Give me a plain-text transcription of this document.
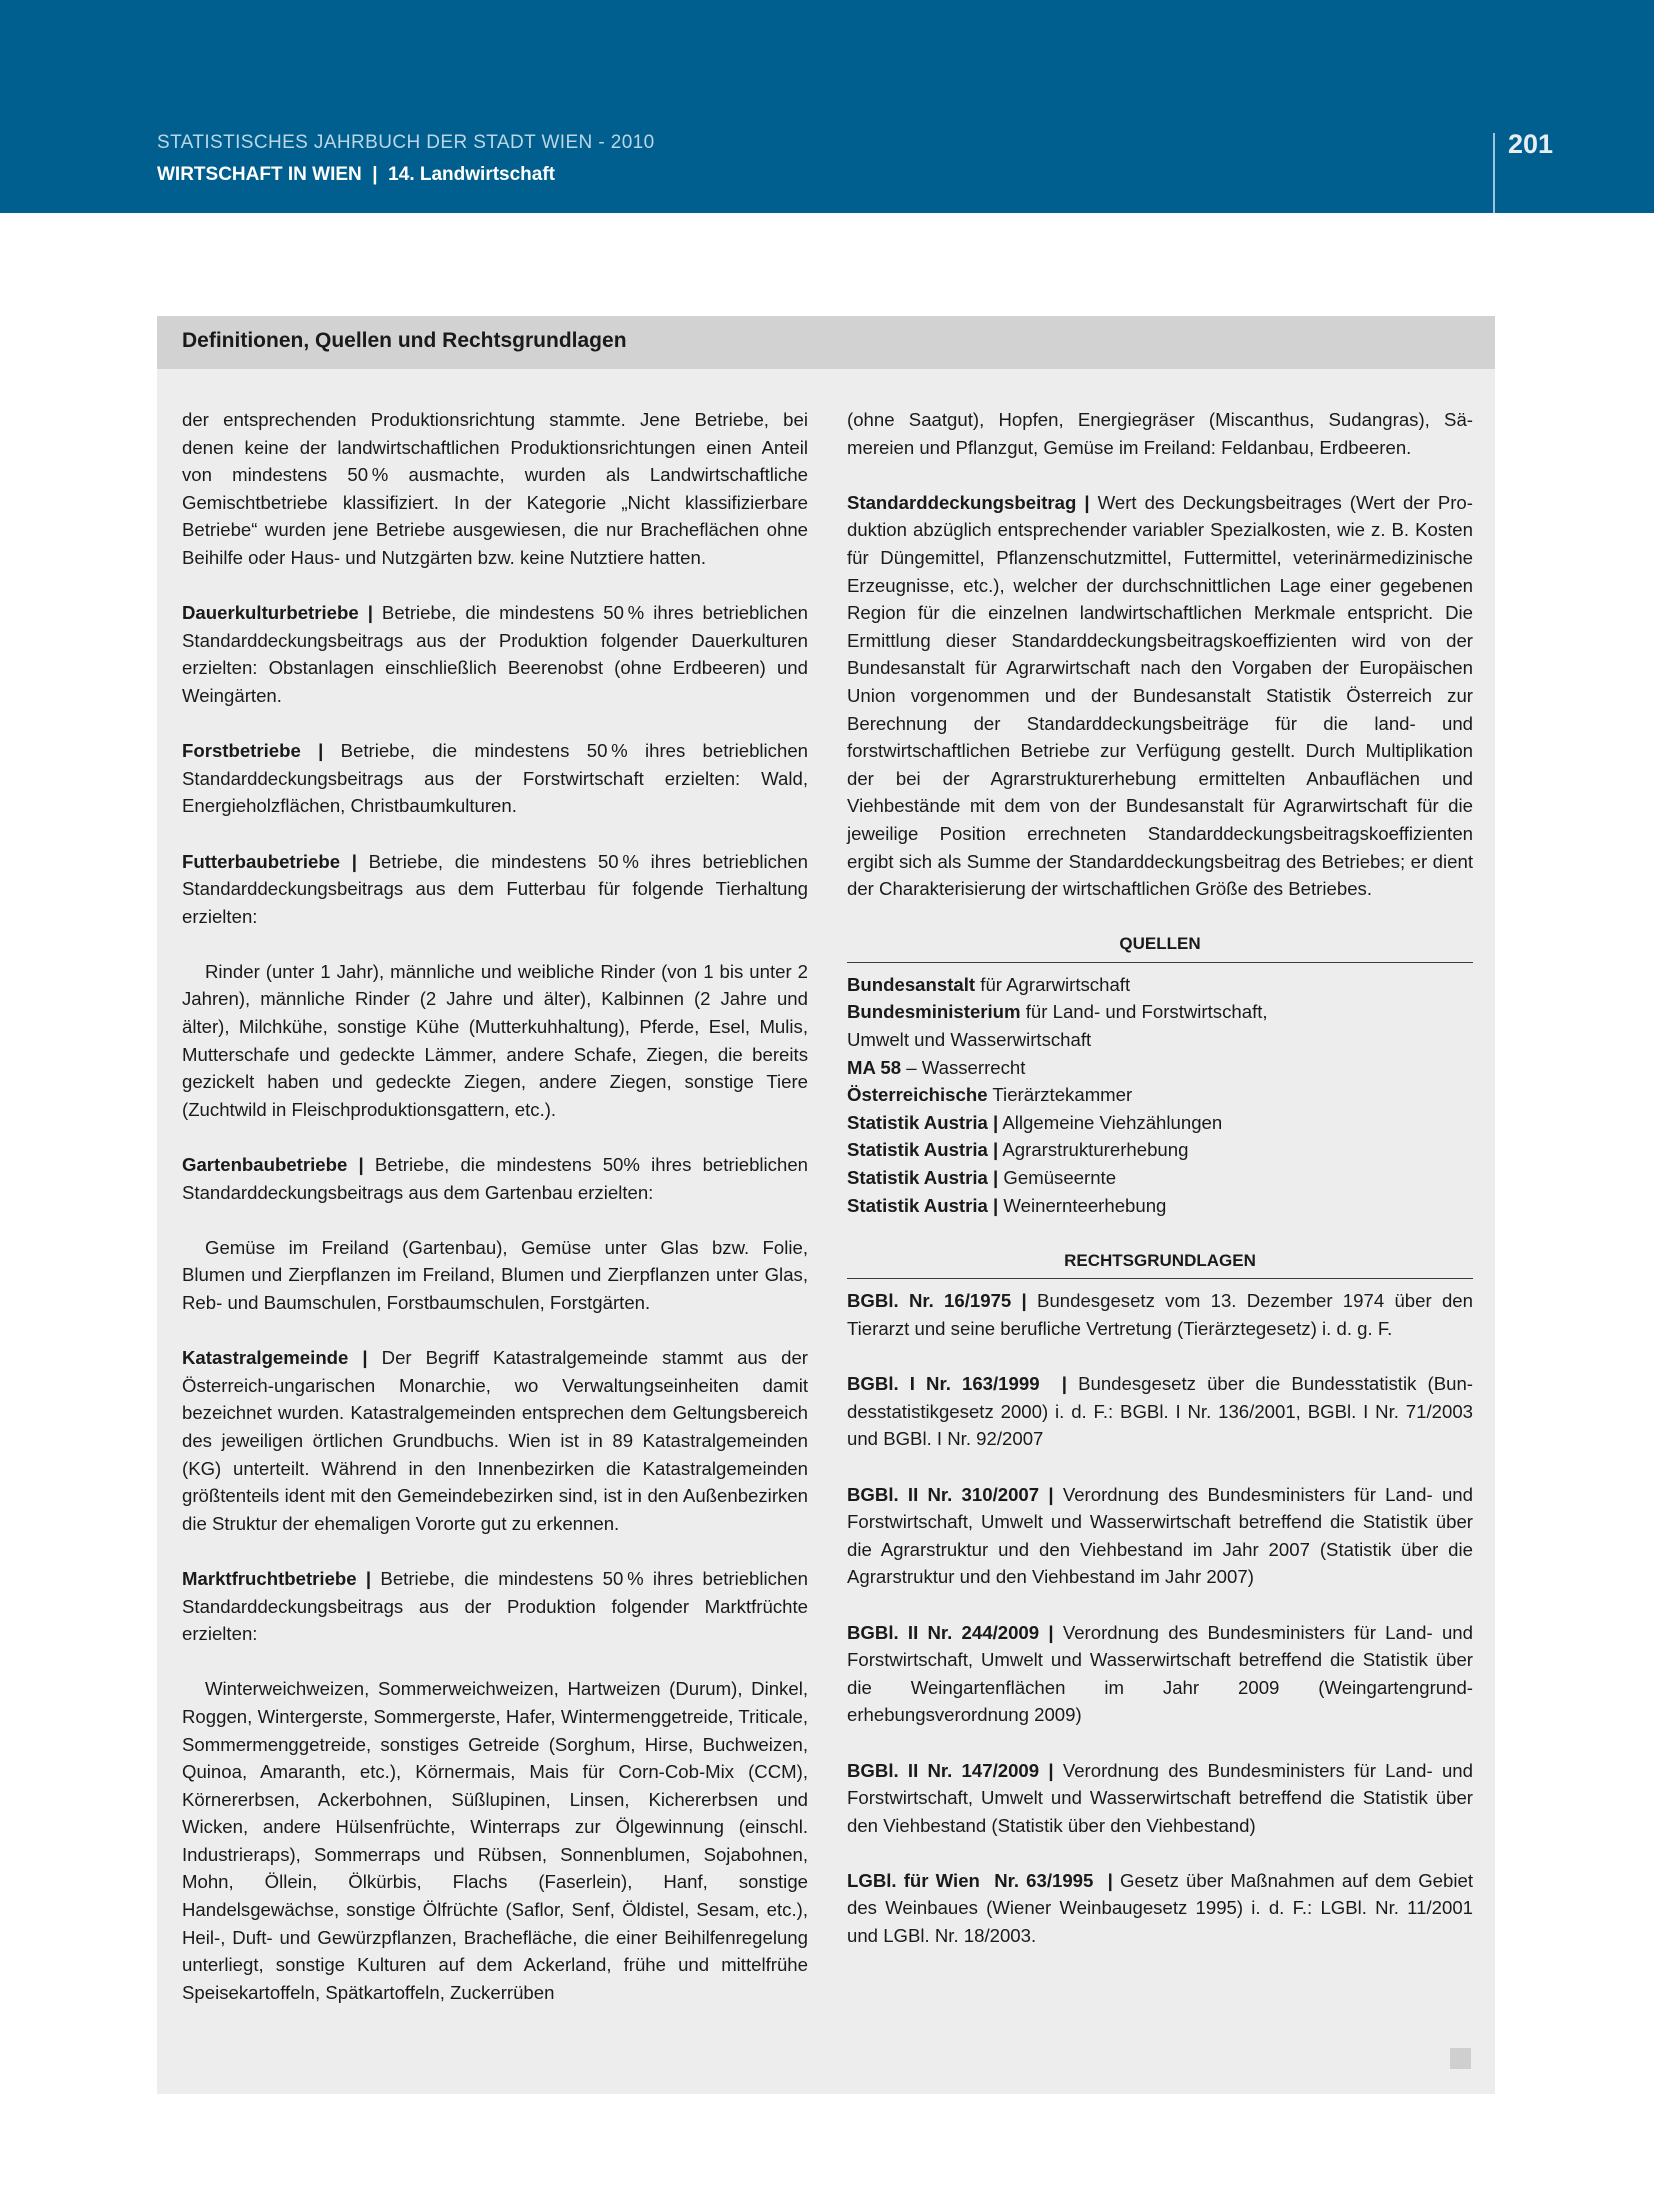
STATISTISCHES JAHRBUCH DER STADT WIEN - 2010
WIRTSCHAFT IN WIEN  |  14. Landwirtschaft
201
Definitionen, Quellen und Rechtsgrundlagen

der entsprechenden Produktionsrichtung stammte. Jene Betriebe, bei denen keine der landwirtschaftlichen Produktionsrichtungen einen Anteil von mindestens 50 % ausmachte, wurden als Landwirtschaftliche Gemischtbetriebe klassifiziert. In der Kategorie „Nicht klassifizierbare Betriebe“ wurden jene Betriebe ausgewiesen, die nur Bracheflächen ohne Beihilfe oder Haus- und Nutzgärten bzw. keine Nutztiere hatten.

Dauerkulturbetriebe | Betriebe, die mindestens 50 % ihres betrieblichen Standarddeckungsbeitrags aus der Produktion folgender Dauerkulturen erzielten: Obstanlagen einschließlich Beerenobst (ohne Erdbeeren) und Weingärten.

Forstbetriebe | Betriebe, die mindestens 50 % ihres betrieblichen Standarddeckungsbeitrags aus der Forstwirtschaft erzielten: Wald, Energieholzflächen, Christbaumkulturen.

Futterbaubetriebe | Betriebe, die mindestens 50 % ihres betrieblichen Standarddeckungsbeitrags aus dem Futterbau für folgende Tierhaltung erzielten:

Rinder (unter 1 Jahr), männliche und weibliche Rinder (von 1 bis unter 2 Jahren), männliche Rinder (2 Jahre und älter), Kalbinnen (2 Jahre und älter), Milchkühe, sonstige Kühe (Mutterkuhhaltung), Pferde, Esel, Mulis, Mutterschafe und gedeckte Lämmer, andere Schafe, Ziegen, die bereits gezickelt haben und gedeckte Ziegen, andere Ziegen, sonstige Tiere (Zuchtwild in Fleischproduktionsgattern, etc.).

Gartenbaubetriebe | Betriebe, die mindestens 50% ihres betrieblichen Standarddeckungsbeitrags aus dem Gartenbau erzielten:

Gemüse im Freiland (Gartenbau), Gemüse unter Glas bzw. Folie, Blumen und Zierpflanzen im Freiland, Blumen und Zierpflanzen unter Glas, Reb- und Baumschulen, Forstbaumschulen, Forstgärten.

Katastralgemeinde | Der Begriff Katastralgemeinde stammt aus der Österreich-ungarischen Monarchie, wo Verwaltungseinheiten damit bezeichnet wurden. Katastralgemeinden entsprechen dem Geltungsbereich des jeweiligen örtlichen Grundbuchs. Wien ist in 89 Katastralgemeinden (KG) unterteilt. Während in den Innenbezirken die Katastralgemeinden größtenteils ident mit den Gemeindebezirken sind, ist in den Außenbezirken die Struktur der ehemaligen Vororte gut zu erkennen.

Marktfruchtbetriebe | Betriebe, die mindestens 50 % ihres betrieblichen Standarddeckungsbeitrags aus der Produktion folgender Marktfrüchte erzielten:

Winterweichweizen, Sommerweichweizen, Hartweizen (Durum), Dinkel, Roggen, Wintergerste, Sommergerste, Hafer, Wintermenggetreide, Triticale, Sommermenggetreide, sonstiges Getreide (Sorghum, Hirse, Buchweizen, Quinoa, Amaranth, etc.), Körnermais, Mais für Corn-Cob-Mix (CCM), Körnererbsen, Ackerbohnen, Süßlupinen, Linsen, Kichererbsen und Wicken, andere Hülsenfrüchte, Winterraps zur Ölgewinnung (einschl. Industrieraps), Sommerraps und Rübsen, Sonnenblumen, Sojabohnen, Mohn, Öllein, Ölkürbis, Flachs (Faserlein), Hanf, sonstige Handelsgewächse, sonstige Ölfrüchte (Saflor, Senf, Öldistel, Sesam, etc.), Heil-, Duft- und Gewürzpflanzen, Brachefläche, die einer Beihilfenregelung unterliegt, sonstige Kulturen auf dem Ackerland, frühe und mittelfrühe Speisekartoffeln, Spätkartoffeln, Zuckerrüben

(ohne Saatgut), Hopfen, Energiegräser (Miscanthus, Sudangras), Sämereien und Pflanzgut, Gemüse im Freiland: Feldanbau, Erdbeeren.

Standarddeckungsbeitrag | Wert des Deckungsbeitrages (Wert der Produktion abzüglich entsprechender variabler Spezialkosten, wie z. B. Kosten für Düngemittel, Pflanzenschutzmittel, Futtermittel, veterinärmedizinische Erzeugnisse, etc.), welcher der durchschnittlichen Lage einer gegebenen Region für die einzelnen landwirtschaftlichen Merkmale entspricht. Die Ermittlung dieser Standarddeckungsbeitragskoeffizienten wird von der Bundesanstalt für Agrarwirtschaft nach den Vorgaben der Europäischen Union vorgenommen und der Bundesanstalt Statistik Österreich zur Berechnung der Standarddeckungsbeiträge für die land- und forstwirtschaftlichen Betriebe zur Verfügung gestellt. Durch Multiplikation der bei der Agrarstrukturerhebung ermittelten Anbauflächen und Viehbestände mit dem von der Bundesanstalt für Agrarwirtschaft für die jeweilige Position errechneten Standarddeckungsbeitragskoeffizienten ergibt sich als Summe der Standarddeckungsbeitrag des Betriebes; er dient der Charakterisierung der wirtschaftlichen Größe des Betriebes.

QUELLEN

Bundesanstalt für Agrarwirtschaft

Bundesministerium für Land- und Forstwirtschaft,

Umwelt und Wasserwirtschaft

MA 58 – Wasserrecht

Österreichische Tierärztekammer

Statistik Austria | Allgemeine Viehzählungen

Statistik Austria | Agrarstrukturerhebung

Statistik Austria | Gemüseernte

Statistik Austria | Weinernteerhebung

RECHTSGRUNDLAGEN

BGBl. Nr. 16/1975 | Bundesgesetz vom 13. Dezember 1974 über den Tierarzt und seine berufliche Vertretung (Tierärztegesetz) i. d. g. F.

BGBl. I Nr. 163/1999  | Bundesgesetz über die Bundesstatistik (Bundesstatistikgesetz 2000) i. d. F.: BGBl. I Nr. 136/2001, BGBl. I Nr. 71/2003 und BGBl. I Nr. 92/2007

BGBl. II Nr. 310/2007 | Verordnung des Bundesministers für Land- und Forstwirtschaft, Umwelt und Wasserwirtschaft betreffend die Statistik über die Agrarstruktur und den Viehbestand im Jahr 2007 (Statistik über die Agrarstruktur und den Viehbestand im Jahr 2007)

BGBl. II Nr. 244/2009 | Verordnung des Bundesministers für Land- und Forstwirtschaft, Umwelt und Wasserwirtschaft betreffend die Statistik über die Weingartenflächen im Jahr 2009 (Weingartengrunderhebungsverordnung 2009)

BGBl. II Nr. 147/2009 | Verordnung des Bundesministers für Land- und Forstwirtschaft, Umwelt und Wasserwirtschaft betreffend die Statistik über den Viehbestand (Statistik über den Viehbestand)

LGBl. für Wien  Nr. 63/1995  | Gesetz über Maßnahmen auf dem Gebiet des Weinbaues (Wiener Weinbaugesetz 1995) i. d. F.: LGBl. Nr. 11/2001 und LGBl. Nr. 18/2003.
